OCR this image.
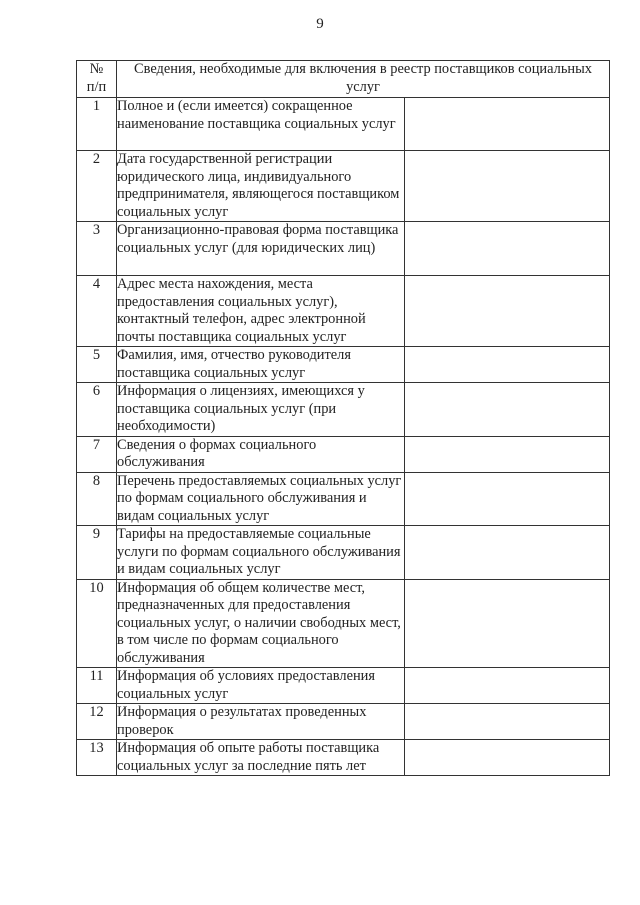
9
№
п/п	Сведения, необходимые для включения в реестр поставщиков социальных услуг	
1	Полное и (если имеется) сокращенное наименование поставщика социальных услуг	
2	Дата государственной регистрации юридического лица, индивидуального предпринимателя, являющегося поставщиком социальных услуг	
3	Организационно-правовая форма поставщика социальных услуг (для юридических лиц)	
4	Адрес места нахождения, места предоставления социальных услуг), контактный телефон, адрес электронной почты поставщика социальных услуг	
5	Фамилия, имя, отчество руководителя поставщика социальных услуг	
6	Информация о лицензиях, имеющихся у поставщика социальных услуг (при необходимости)	
7	Сведения о формах социального обслуживания	
8	Перечень предоставляемых социальных услуг по формам социального обслуживания и видам социальных услуг	
9	Тарифы на предоставляемые социальные услуги по формам социального обслуживания и видам социальных услуг	
10	Информация об общем количестве мест, предназначенных для предоставления социальных услуг, о наличии свободных мест, в том числе по формам социального обслуживания	
11	Информация об условиях предоставления социальных услуг	
12	Информация о результатах проведенных проверок	
13	Информация об опыте работы поставщика социальных услуг за последние пять лет	
